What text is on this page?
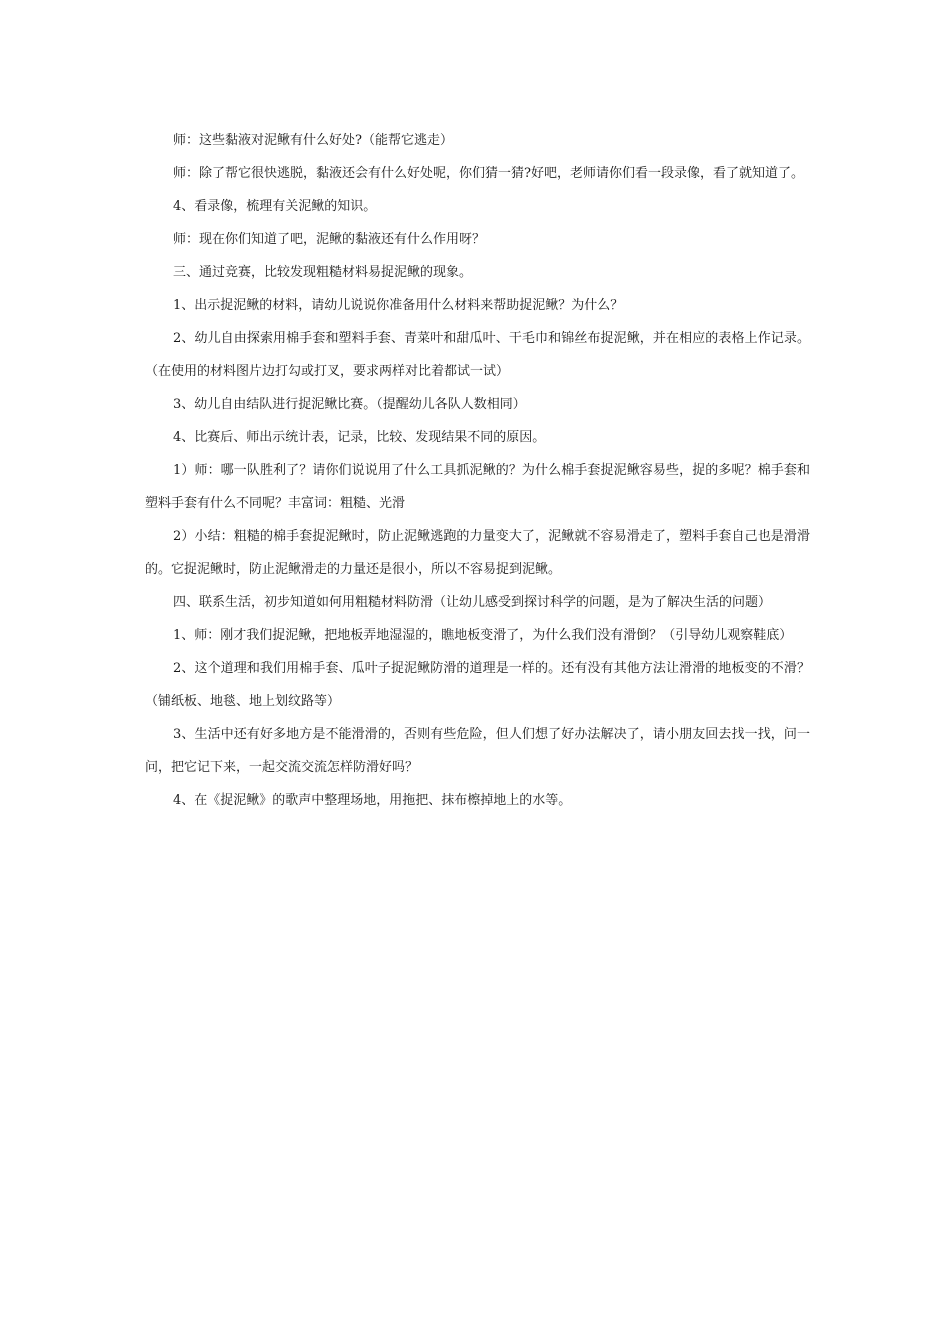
师：这些黏液对泥鳅有什么好处?（能帮它逃走）

师：除了帮它很快逃脱，黏液还会有什么好处呢，你们猜一猜?好吧，老师请你们看一段录像，看了就知道了。

4、看录像，梳理有关泥鳅的知识。

师：现在你们知道了吧，泥鳅的黏液还有什么作用呀？

三、通过竞赛，比较发现粗糙材料易捉泥鳅的现象。

1、出示捉泥鳅的材料，请幼儿说说你准备用什么材料来帮助捉泥鳅？为什么？

2、幼儿自由探索用棉手套和塑料手套、青菜叶和甜瓜叶、干毛巾和锦丝布捉泥鳅，并在相应的表格上作记录。（在使用的材料图片边打勾或打叉，要求两样对比着都试一试）

3、幼儿自由结队进行捉泥鳅比赛。（提醒幼儿各队人数相同）

4、比赛后、师出示统计表，记录，比较、发现结果不同的原因。

1）师：哪一队胜利了？请你们说说用了什么工具抓泥鳅的？为什么棉手套捉泥鳅容易些，捉的多呢？棉手套和塑料手套有什么不同呢？丰富词：粗糙、光滑

2）小结：粗糙的棉手套捉泥鳅时，防止泥鳅逃跑的力量变大了，泥鳅就不容易滑走了，塑料手套自己也是滑滑的。它捉泥鳅时，防止泥鳅滑走的力量还是很小，所以不容易捉到泥鳅。

四、联系生活，初步知道如何用粗糙材料防滑（让幼儿感受到探讨科学的问题，是为了解决生活的问题）

1、师：刚才我们捉泥鳅，把地板弄地湿湿的，瞧地板变滑了，为什么我们没有滑倒？（引导幼儿观察鞋底）

2、这个道理和我们用棉手套、瓜叶子捉泥鳅防滑的道理是一样的。还有没有其他方法让滑滑的地板变的不滑？（铺纸板、地毯、地上划纹路等）

3、生活中还有好多地方是不能滑滑的，否则有些危险，但人们想了好办法解决了，请小朋友回去找一找，问一问，把它记下来，一起交流交流怎样防滑好吗？

4、在《捉泥鳅》的歌声中整理场地，用拖把、抹布檫掉地上的水等。
